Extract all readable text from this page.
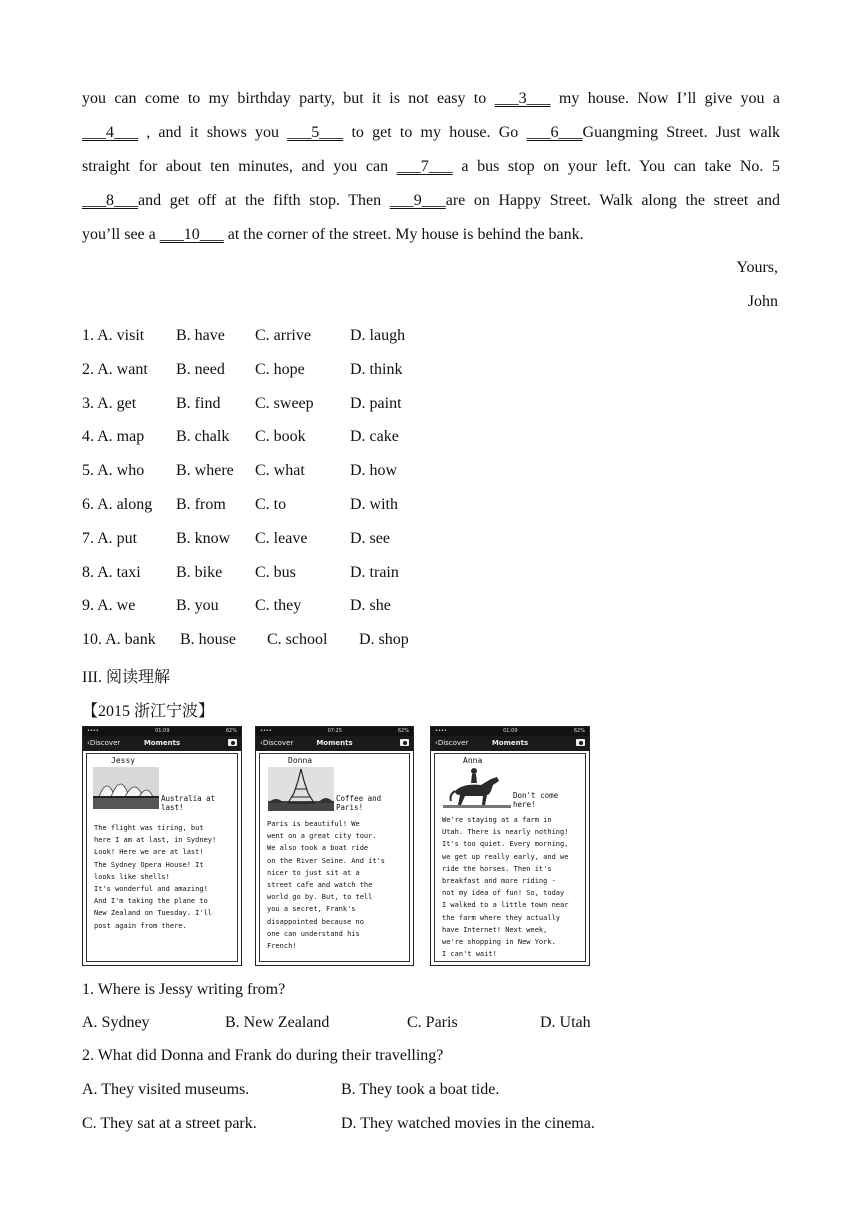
you can come to my birthday party, but it is not easy to ___3___ my house. Now I’ll give you a
___4___ , and it shows you ___5___ to get to my house. Go ___6___Guangming Street. Just walk
straight for about ten minutes, and you can ___7___ a bus stop on your left. You can take No. 5
___8___and get off at the fifth stop. Then ___9___are on Happy Street. Walk along the street and
you’ll see a ___10___ at the corner of the street. My house is behind the bank.
Yours,
John
1. A. visit B. have C. arrive D. laugh
2. A. want B. need C. hope	D. think
3. A. get B. find C. sweep D. paint
4. A. map B. chalk C. book	D. cake
5. A. who B. where C. what	D. how
6. A. along B. from C. to	D. with
7. A. put B. know C. leave	D. see
8. A. taxi B. bike C. bus	D. train
9. A. we	B. you C. they	D. she
10. A. bank B. house C. school D. shop
III. 阅读理解
【2015 浙江宁波】
••••	01:09	62%
‹Discover	Moments
Jessy
Australia at last!
The flight was tiring, but
here I am at last, in Sydney!
Look! Here we are at last!
The Sydney Opera House! It
looks like shells!
It's wonderful and amazing!
And I'm taking the plane to
New Zealand on Tuesday. I'll
post again from there.
••••	07:25	62%
‹Discover	Moments
Donna
Coffee and Paris!
Paris is beautiful! We
went on a great city tour.
We also took a boat ride
on the River Seine. And it's
nicer to just sit at a
street cafe and watch the
world go by. But, to tell
you a secret, Frank's
disappointed because no
one can understand his
French!
••••	01:09	62%
‹Discover	Moments
Anna
Don't come here!
We're staying at a farm in
Utah. There is nearly nothing!
It's too quiet. Every morning,
we get up really early, and we
ride the horses. Then it's
breakfast and more riding -
not my idea of fun! So, today
I walked to a little town near
the farm where they actually
have Internet! Next week,
we're shopping in New York.
I can't wait!
1. Where is Jessy writing from?
A. Sydney	B. New Zealand	C. Paris	D. Utah
2. What did Donna and Frank do during their travelling?
A. They visited museums.	B. They took a boat tide.
C. They sat at a street park.	D. They watched movies in the cinema.
